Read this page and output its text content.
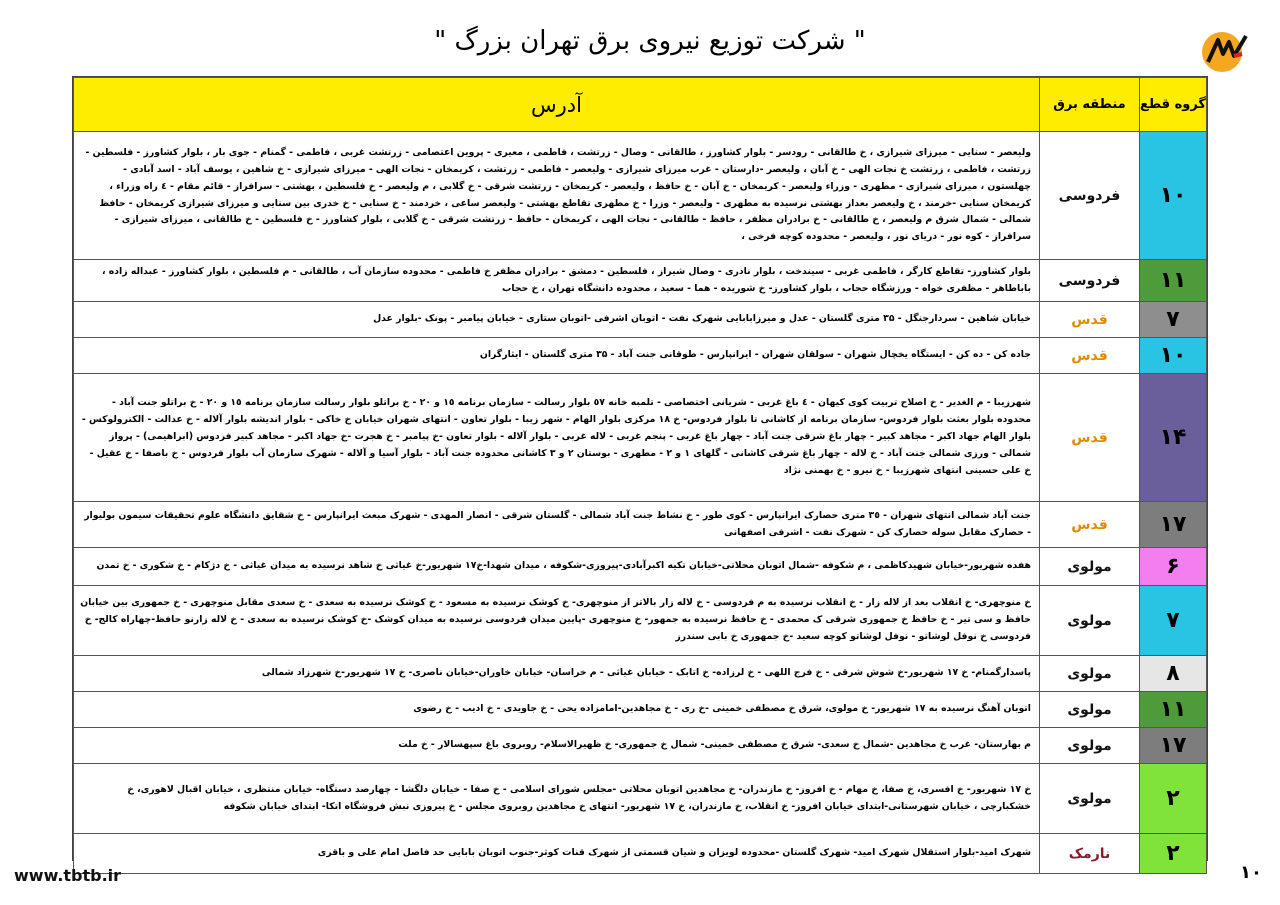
" شرکت توزیع نیروی برق تهران بزرگ "
گروه قطع	منطقه برق	آدرس
۱۰	فردوسی	ولیعصر - سنایی - میرزای شیرازی ، خ طالقانی - رودسر - بلوار کشاورز ، طالقانی - وصال - زرتشت ، فاطمی ، معیری - پروین اعتصامی - زرتشت غربی ، فاطمی - گمنام - جوی بار ، بلوار کشاورز - فلسطین - زرتشت ، فاطمی ، زرتشت خ نجات الهی - خ آبان ، ولیعصر -دارستان - غرب میرزای شیرازی - ولیعصر - فاطمی - زرتشت ، کریمخان - نجات الهی - میرزای شیرازی - خ شاهین ، یوسف آباد - اسد آبادی - چهلستون ، میرزای شیرازی - مطهری - وزراء ولیعصر - کریمخان - خ آبان - خ حافظ ، ولیعصر - کریمخان - زرتشت شرقی - خ گلابی ، م ولیعصر - خ فلسطین ، بهشتی - سرافراز - قائم مقام - ٤ راه وزراء ، کریمخان سنایی -خرمند ، خ ولیعصر بعداز بهشتی نرسیده به مطهری - ولیعصر - وزرا - خ مطهری تقاطع بهشتی - ولیعصر ساعی ، خردمند - خ سنایی - خ خدری بین سنایی و میرزای شیرازی کریمخان - حافظ شمالی - شمال شرق م ولیعصر ، خ طالقانی - خ برادران مظفر ، حافظ - طالقانی - نجات الهی ، کریمخان - حافظ - زرتشت شرقی - خ گلابی ، بلوار کشاورز - خ فلسطین - خ طالقانی ، میرزای شیرازی - سرافراز - کوه نور - دریای نور ، ولیعصر - محدوده کوچه فرخی ،
۱۱	فردوسی	بلوار کشاورز- تقاطع کارگر ، فاطمی غربی - سیندخت ، بلوار نادری - وصال شیراز ، فلسطین - دمشق - برادران مظفر خ فاطمی - محدوده سازمان آب ، طالقانی - م فلسطین ، بلوار کشاورز - عبداله زاده ، باباطاهر - مظفری خواه - ورزشگاه حجاب ، بلوار کشاورز- خ شوریده - هما - سعید ، محدوده دانشگاه تهران ، خ حجاب
۷	قدس	خیابان شاهین - سردارجنگل - ۳۵ متری گلستان - عدل و میرزابابایی شهرک نفت - اتوبان اشرفی -اتوبان ستاری - خیابان پیامبر - پونک -بلوار عدل
۱۰	قدس	جاده کن - ده کن - ایستگاه یخچال شهران - سولقان شهران - ایرانپارس - طوقانی جنت آباد - ۳۵ متری گلستان - ایثارگران
۱۴	قدس	شهرزیبا - م الغدیر - خ اصلاح تربیت کوی کیهان - ٤ باغ غربی - شریانی اختصاصی - تلمبه خانه ٥٧ بلوار رسالت - سازمان برنامه ١٥ و ٢٠ - خ براتلو بلوار رسالت سازمان برنامه ١٥ و ٢٠ - خ براتلو جنت آباد - محدوده بلوار بعثت بلوار فردوس- سازمان برنامه از کاشانی تا بلوار فردوس- خ ١٨ مرکزی بلوار الهام - شهر زیبا - بلوار تعاون - انتهای شهران خیابان خ خاکی - بلوار اندیشه بلوار آلاله - خ عدالت - الکترولوکس - بلوار الهام جهاد اکبر - مجاهد کبیر - چهار باغ شرقی جنت آباد - چهار باغ غربی - پنجم غربی - لاله غربی - بلوار آلاله - بلوار تعاون -خ پیامبر - خ هجرت -خ جهاد اکبر - مجاهد کبیر فردوس (ابراهیمی) - پرواز شمالی - ورزی شمالی جنت آباد - خ لاله - چهار باغ شرقی کاشانی - گلهای ١ و ٢ - مطهری - بوستان ٢ و ٣ کاشانی محدوده جنت آباد - بلوار آسیا و آلاله - شهرک سازمان آب بلوار فردوس - خ باصفا - خ عقیل - خ علی حسینی انتهای شهرزیبا - خ نیرو - خ بهمنی نژاد
۱۷	قدس	جنت آباد شمالی انتهای شهران - ٣٥ متری حصارک ایرانپارس - کوی طور - خ نشاط جنت آباد شمالی - گلستان شرقی - انصار المهدی - شهرک مبعث ایرانپارس - خ شقایق دانشگاه علوم تحقیقات سیمون بولیوار - حصارک مقابل سوله حصارک کن - شهرک نفت - اشرفی اصفهانی
۶	مولوی	هفده شهریور-خیابان شهیدکاظمی ، م شکوفه -شمال اتوبان محلاتی-خیابان تکیه اکبرآبادی-پیروزی-شکوفه ، میدان شهدا-خ١٧ شهریور-خ غیاثی خ شاهد نرسیده به میدان غیاثی - خ دژکام - خ شکوری - خ تمدن
۷	مولوی	خ منوچهری- خ انقلاب بعد از لاله زار - خ انقلاب نرسیده به م فردوسی - خ لاله زار بالاتر از منوچهری- خ کوشک نرسیده به مسعود - خ کوشک نرسیده به سعدی - خ سعدی مقابل منوچهری - خ جمهوری بین خیابان حافظ و سی تیر - خ حافظ خ جمهوری شرقی ک محمدی - خ حافظ نرسیده به جمهور- خ منوچهری -پایین میدان فردوسی نرسیده به میدان کوشک -خ کوشک نرسیده به سعدی - خ لاله زارنو حافظ-چهاراه کالج- خ فردوسی خ نوفل لوشاتو - نوفل لوشاتو کوچه سعید -خ جمهوری خ بابی سندرز
۸	مولوی	پاسدارگمنام- خ ١٧ شهریور-خ شوش شرقی - خ فرج اللهی - خ لرزاده- خ اتابک - خیابان غیاثی - م خراسان- خیابان خاوران-خیابان ناصری- خ ١٧ شهریور-خ شهرزاد شمالی
۱۱	مولوی	اتوبان آهنگ نرسیده به ١٧ شهریور- خ مولوی، شرق خ مصطفی خمینی -خ ری - خ مجاهدین-امامزاده یحی - خ جاویدی - خ ادیب - خ رضوی
۱۷	مولوی	م بهارستان- غرب خ مجاهدین -شمال خ سعدی- شرق خ مصطفی خمینی- شمال خ جمهوری- خ ظهیرالاسلام- روبروی باغ سپهسالار - خ ملت
۲	مولوی	خ ١٧ شهریور- خ افسری، خ صفا، خ مهام - خ افروز- خ مازندران- خ مجاهدین اتوبان محلاتی -مجلس شورای اسلامی - خ صفا - خیابان دلگشا - چهارصد دستگاه- خیابان منتظری ، خیابان اقبال لاهوری، خ خشکبارچی ، خیابان شهرستانی-ابتدای خیابان افروز- خ انقلاب، خ مازندران، خ ١٧ شهریور- انتهای خ مجاهدین روبروی مجلس - خ پیروزی نبش فروشگاه اتکا- ابتدای خیابان شکوفه
۲	نارمک	شهرک امید-بلوار استقلال شهرک امید- شهرک گلستان -محدوده لویزان و شیان قسمتی از شهرک قنات کوثر-جنوب اتوبان بابایی حد فاصل امام علی و باقری
www.tbtb.ir	۱۰
